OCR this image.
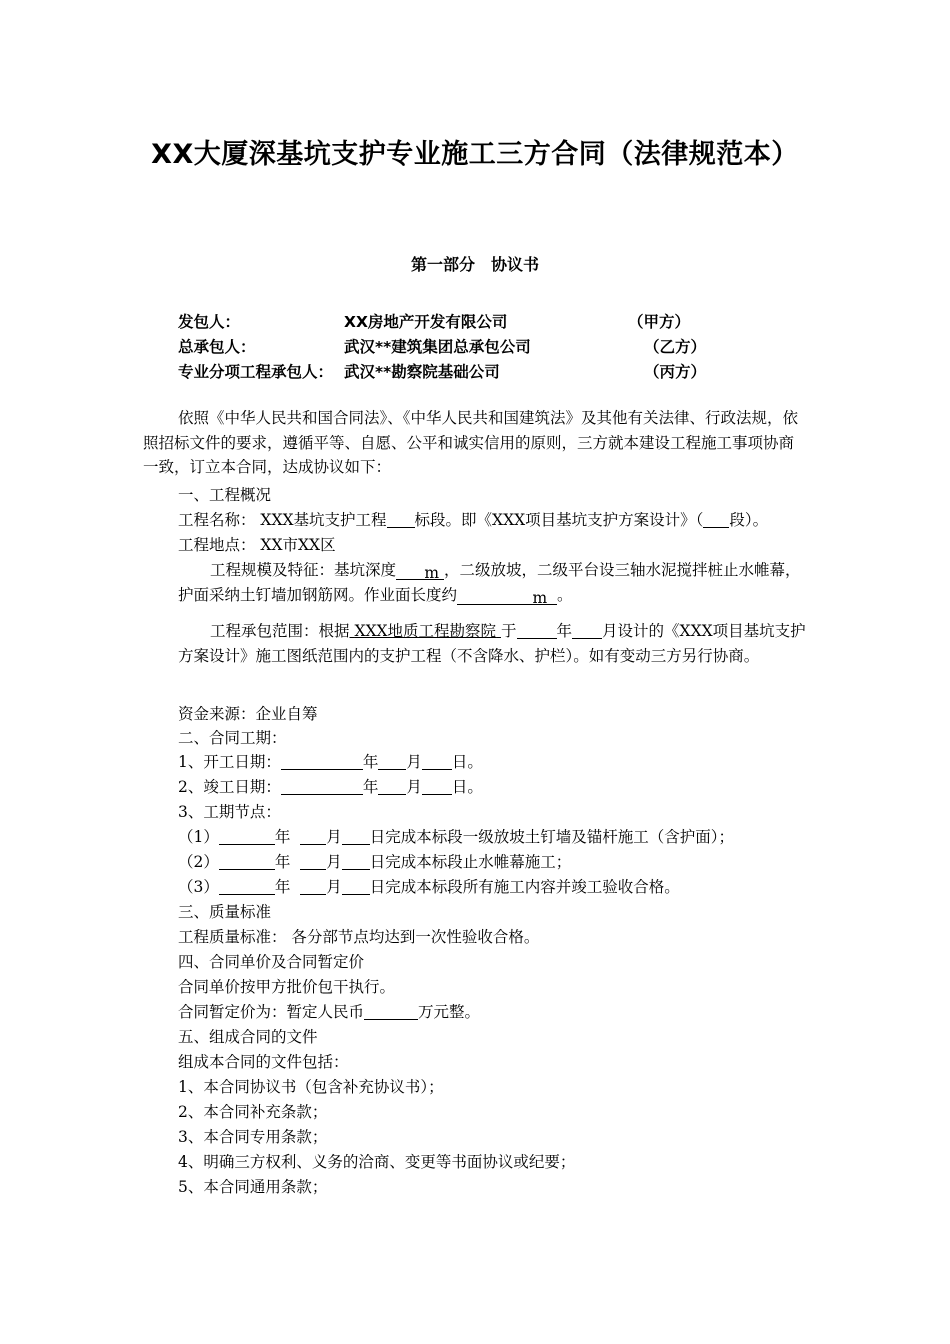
XX大厦深基坑支护专业施工三方合同（法律规范本）
第一部分　协议书
发包人：	XX房地产开发有限公司	（甲方）
总承包人：	武汉**建筑集团总承包公司	（乙方）
专业分项工程承包人： 武汉**勘察院基础公司	（丙方）
依照《中华人民共和国合同法》、《中华人民共和国建筑法》及其他有关法律、行政法规，依照招标文件的要求，遵循平等、自愿、公平和诚实信用的原则，三方就本建设工程施工事项协商一致，订立本合同，达成协议如下：
一、工程概况
工程名称： XXX基坑支护工程 标段。即《XXX项目基坑支护方案设计》（ 段）。
工程地点： XX市XX区
工程规模及特征：基坑深度 m ，二级放坡，二级平台设三轴水泥搅拌桩止水帷幕，护面采纳土钉墙加钢筋网。作业面长度约	m 。
工程承包范围：根据 XXX地质工程勘察院 于	年 月设计的《XXX项目基坑支护方案设计》施工图纸范围内的支护工程（不含降水、护栏）。如有变动三方另行协商。
资金来源：企业自筹
二、合同工期：
1、开工日期：	年 月 日。
2、竣工日期：	年 月 日。
3、工期节点：
（1）	年 月 日完成本标段一级放坡土钉墙及锚杆施工（含护面）；
（2）	年 月 日完成本标段止水帷幕施工；
（3）	年 月 日完成本标段所有施工内容并竣工验收合格。
三、质量标准
工程质量标准： 各分部节点均达到一次性验收合格。
四、合同单价及合同暂定价
合同单价按甲方批价包干执行。
合同暂定价为：暂定人民币	万元整。
五、组成合同的文件
组成本合同的文件包括：
1、本合同协议书（包含补充协议书）；
2、本合同补充条款；
3、本合同专用条款；
4、明确三方权利、义务的洽商、变更等书面协议或纪要；
5、本合同通用条款；
